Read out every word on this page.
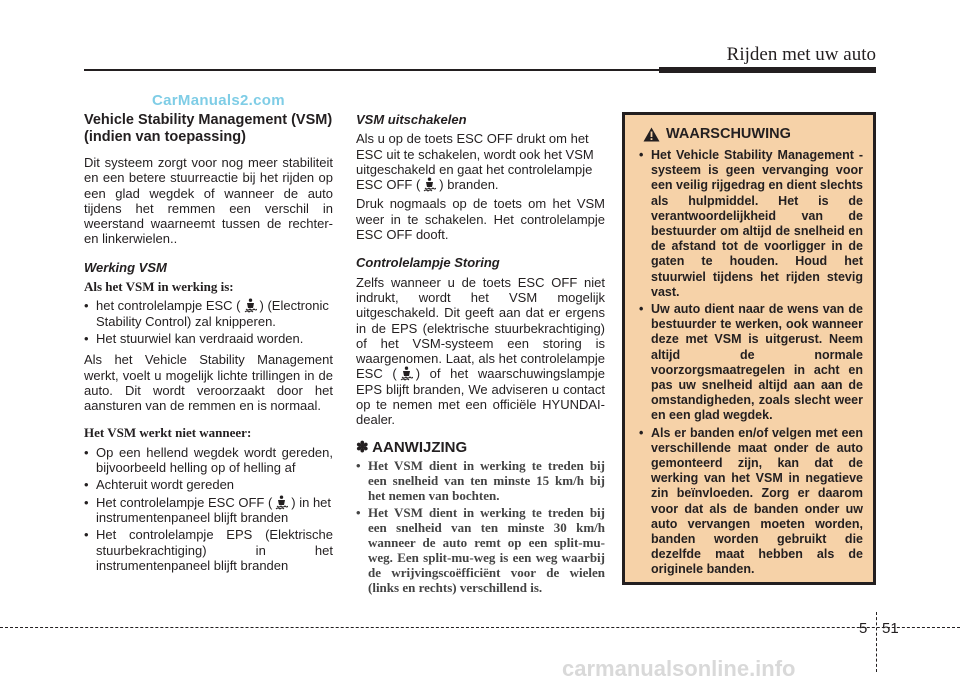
Rijden met uw auto
CarManuals2.com
Vehicle Stability Management (VSM) (indien van toepassing)

Dit systeem zorgt voor nog meer stabiliteit en een betere stuurreactie bij het rijden op een glad wegdek of wanneer de auto tijdens het remmen een verschil in weerstand waarneemt tussen de rechter- en linkerwielen..

Werking VSM
Als het VSM in werking is:
• het controlelampje ESC ( ) (Electronic Stability Control) zal knipperen.
• Het stuurwiel kan verdraaid worden.

Als het Vehicle Stability Management werkt, voelt u mogelijk lichte trillingen in de auto. Dit wordt veroorzaakt door het aansturen van de remmen en is normaal.

Het VSM werkt niet wanneer:
• Op een hellend wegdek wordt gereden, bijvoorbeeld helling op of helling af
• Achteruit wordt gereden
• Het controlelampje ESC OFF ( ) in het instrumentenpaneel blijft branden
• Het controlelampje EPS (Elektrische stuurbekrachtiging) in het instrumentenpaneel blijft branden
VSM uitschakelen

Als u op de toets ESC OFF drukt om het ESC uit te schakelen, wordt ook het VSM uitgeschakeld en gaat het controlelampje ESC OFF ( ) branden.

Druk nogmaals op de toets om het VSM weer in te schakelen. Het controlelampje ESC OFF dooft.

Controlelampje Storing

Zelfs wanneer u de toets ESC OFF niet indrukt, wordt het VSM mogelijk uitgeschakeld. Dit geeft aan dat er ergens in de EPS (elektrische stuurbekrachtiging) of het VSM-systeem een storing is waargenomen. Laat, als het controlelampje ESC ( ) of het waarschuwingslampje EPS blijft branden, We adviseren u contact op te nemen met een officiële HYUNDAI-dealer.

✽ AANWIJZING
• Het VSM dient in werking te treden bij een snelheid van ten minste 15 km/h bij het nemen van bochten.
• Het VSM dient in werking te treden bij een snelheid van ten minste 30 km/h wanneer de auto remt op een split-mu-weg. Een split-mu-weg is een weg waarbij de wrijvingscoëfficiënt voor de wielen (links en rechts) verschillend is.
WAARSCHUWING
• Het Vehicle Stability Management -systeem is geen vervanging voor een veilig rijgedrag en dient slechts als hulpmiddel. Het is de verantwoordelijkheid van de bestuurder om altijd de snelheid en de afstand tot de voorligger in de gaten te houden. Houd het stuurwiel tijdens het rijden stevig vast.
• Uw auto dient naar de wens van de bestuurder te werken, ook wanneer deze met VSM is uitgerust. Neem altijd de normale voorzorgsmaatregelen in acht en pas uw snelheid altijd aan aan de omstandigheden, zoals slecht weer en een glad wegdek.
• Als er banden en/of velgen met een verschillende maat onder de auto gemonteerd zijn, kan dat de werking van het VSM in negatieve zin beïnvloeden. Zorg er daarom voor dat als de banden onder uw auto vervangen moeten worden, banden worden gebruikt die dezelfde maat hebben als de originele banden.
5 51
carmanualsonline.info
